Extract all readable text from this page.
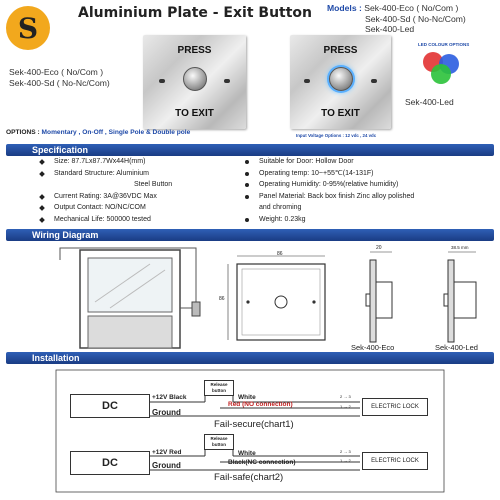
S	Aluminium Plate - Exit Button Models : Sek-400-Eco ( No/Com )
Sek-400-Sd ( No-Nc/Com)
Sek-400-Led
Sek-400-Eco ( No/Com )
Sek-400-Sd ( No-Nc/Com)
PRESS
TO EXIT
PRESS
TO EXIT
LED COLOUR OPTIONS
Sek-400-Led
OPTIONS : Momentary , On-Off , Single Pole & Double pole	Input Voltage Options : 12 vdc , 24 vdc
Specification
Size: 87.7Lx87.7Wx44H(mm)
Standard Structure: Aluminium
Steel Button
Current Rating: 3A@36VDC Max
Output Contact: NO/NC/COM
Mechanical Life: 500000 tested
Suitable for Door: Hollow Door
Operating temp: 10~+55℃(14-131F)
Operating Humidity: 0-95%(relative humidity)
Panel Material: Back box finish Zinc alloy polished
and chroming
Weight: 0.23kg
Wiring Diagram
86
86
20	38.5 mm
Sek-400-Eco	Sek-400-Led
Installation
DC
+12V Black
Ground
Release button
White
Red (NO connection)
2 → 3
1 → 2	ELECTRIC LOCK
Fail-secure(chart1)
DC
+12V Red
Ground
Release button
White
Black(NC connection)
2 → 3
1 → 2	ELECTRIC LOCK
Fail-safe(chart2)
